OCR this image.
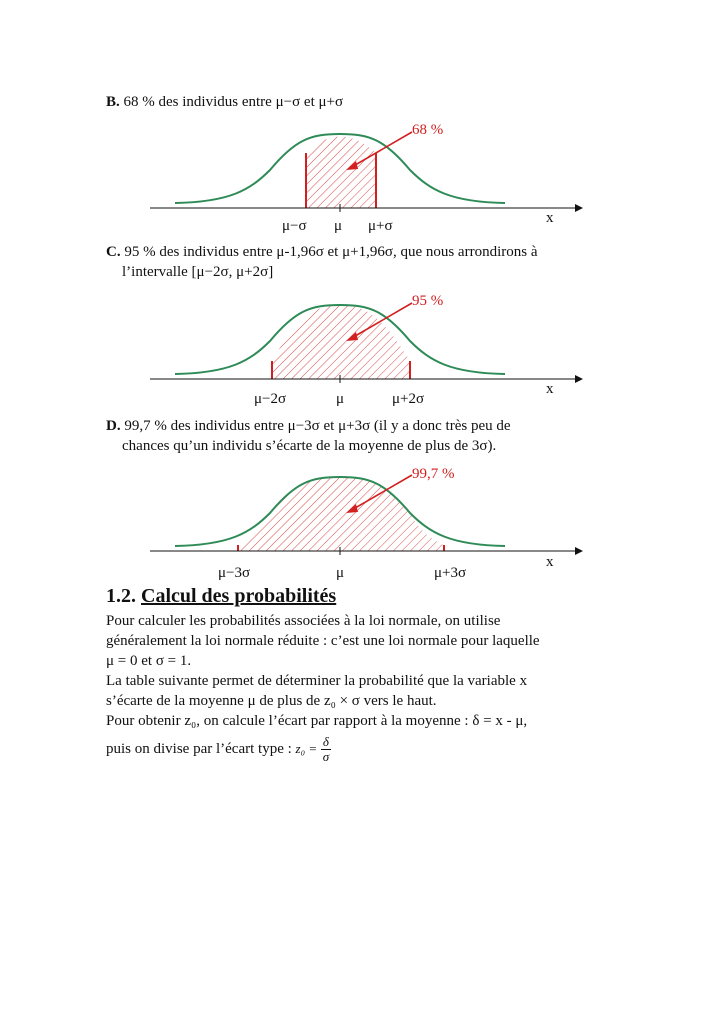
B. 68 % des individus entre μ−σ et μ+σ
68 %
x
μ−σ μ μ+σ
C. 95 % des individus entre μ-1,96σ et μ+1,96σ, que nous arrondirons à
l’intervalle [μ−2σ, μ+2σ]
95 %
x
μ−2σ	μ	μ+2σ
D. 99,7 % des individus entre μ−3σ et μ+3σ (il y a donc très peu de
chances qu’un individu s’écarte de la moyenne de plus de 3σ).
99,7 %
x
μ−3σ	μ	μ+3σ
1.2. Calcul des probabilités
Pour calculer les probabilités associées à la loi normale, on utilise
généralement la loi normale réduite : c’est une loi normale pour laquelle
μ = 0 et σ = 1.
La table suivante permet de déterminer la probabilité que la variable x
s’écarte de la moyenne μ de plus de z₀ × σ vers le haut.
Pour obtenir z₀, on calcule l’écart par rapport à la moyenne : δ = x - μ,
puis on divise par l’écart type : $z_0 = \frac{\delta}{\sigma}$
